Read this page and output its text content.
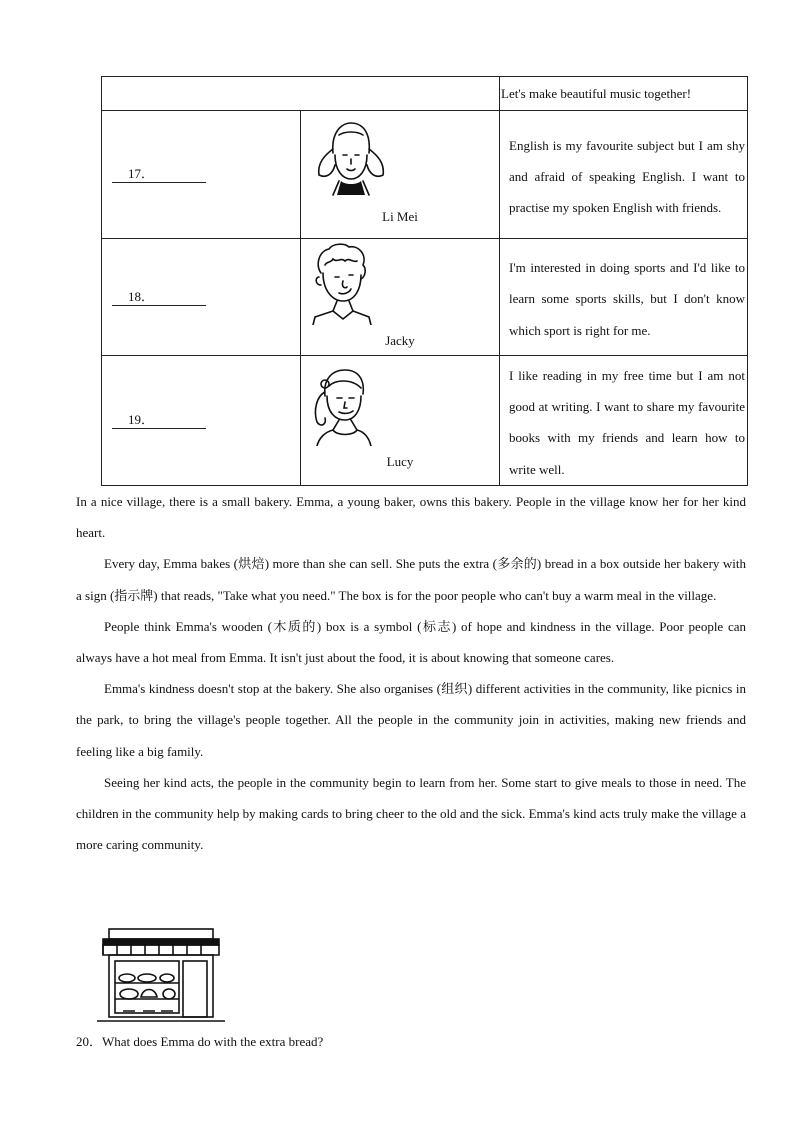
		Let's make beautiful music together!

17．	Li Mei	English is my favourite subject but I am shy and afraid of speaking English. I want to practise my spoken English with friends.

18．	Jacky	I'm interested in doing sports and I'd like to learn some sports skills, but I don't know which sport is right for me.

19．	Lucy	I like reading in my free time but I am not good at writing. I want to share my favourite books with my friends and learn how to write well.

In a nice village, there is a small bakery. Emma, a young baker, owns this bakery. People in the village know her for her kind heart.

Every day, Emma bakes (烘焙) more than she can sell. She puts the extra (多余的) bread in a box outside her bakery with a sign (指示牌) that reads, "Take what you need." The box is for the poor people who can't buy a warm meal in the village.

People think Emma's wooden (木质的) box is a symbol (标志) of hope and kindness in the village. Poor people can always have a hot meal from Emma. It isn't just about the food, it is about knowing that someone cares.

Emma's kindness doesn't stop at the bakery. She also organises (组织) different activities in the community, like picnics in the park, to bring the village's people together. All the people in the community join in activities, making new friends and feeling like a big family.

Seeing her kind acts, the people in the community begin to learn from her. Some start to give meals to those in need. The children in the community help by making cards to bring cheer to the old and the sick. Emma's kind acts truly make the village a more caring community.

20．What does Emma do with the extra bread?
